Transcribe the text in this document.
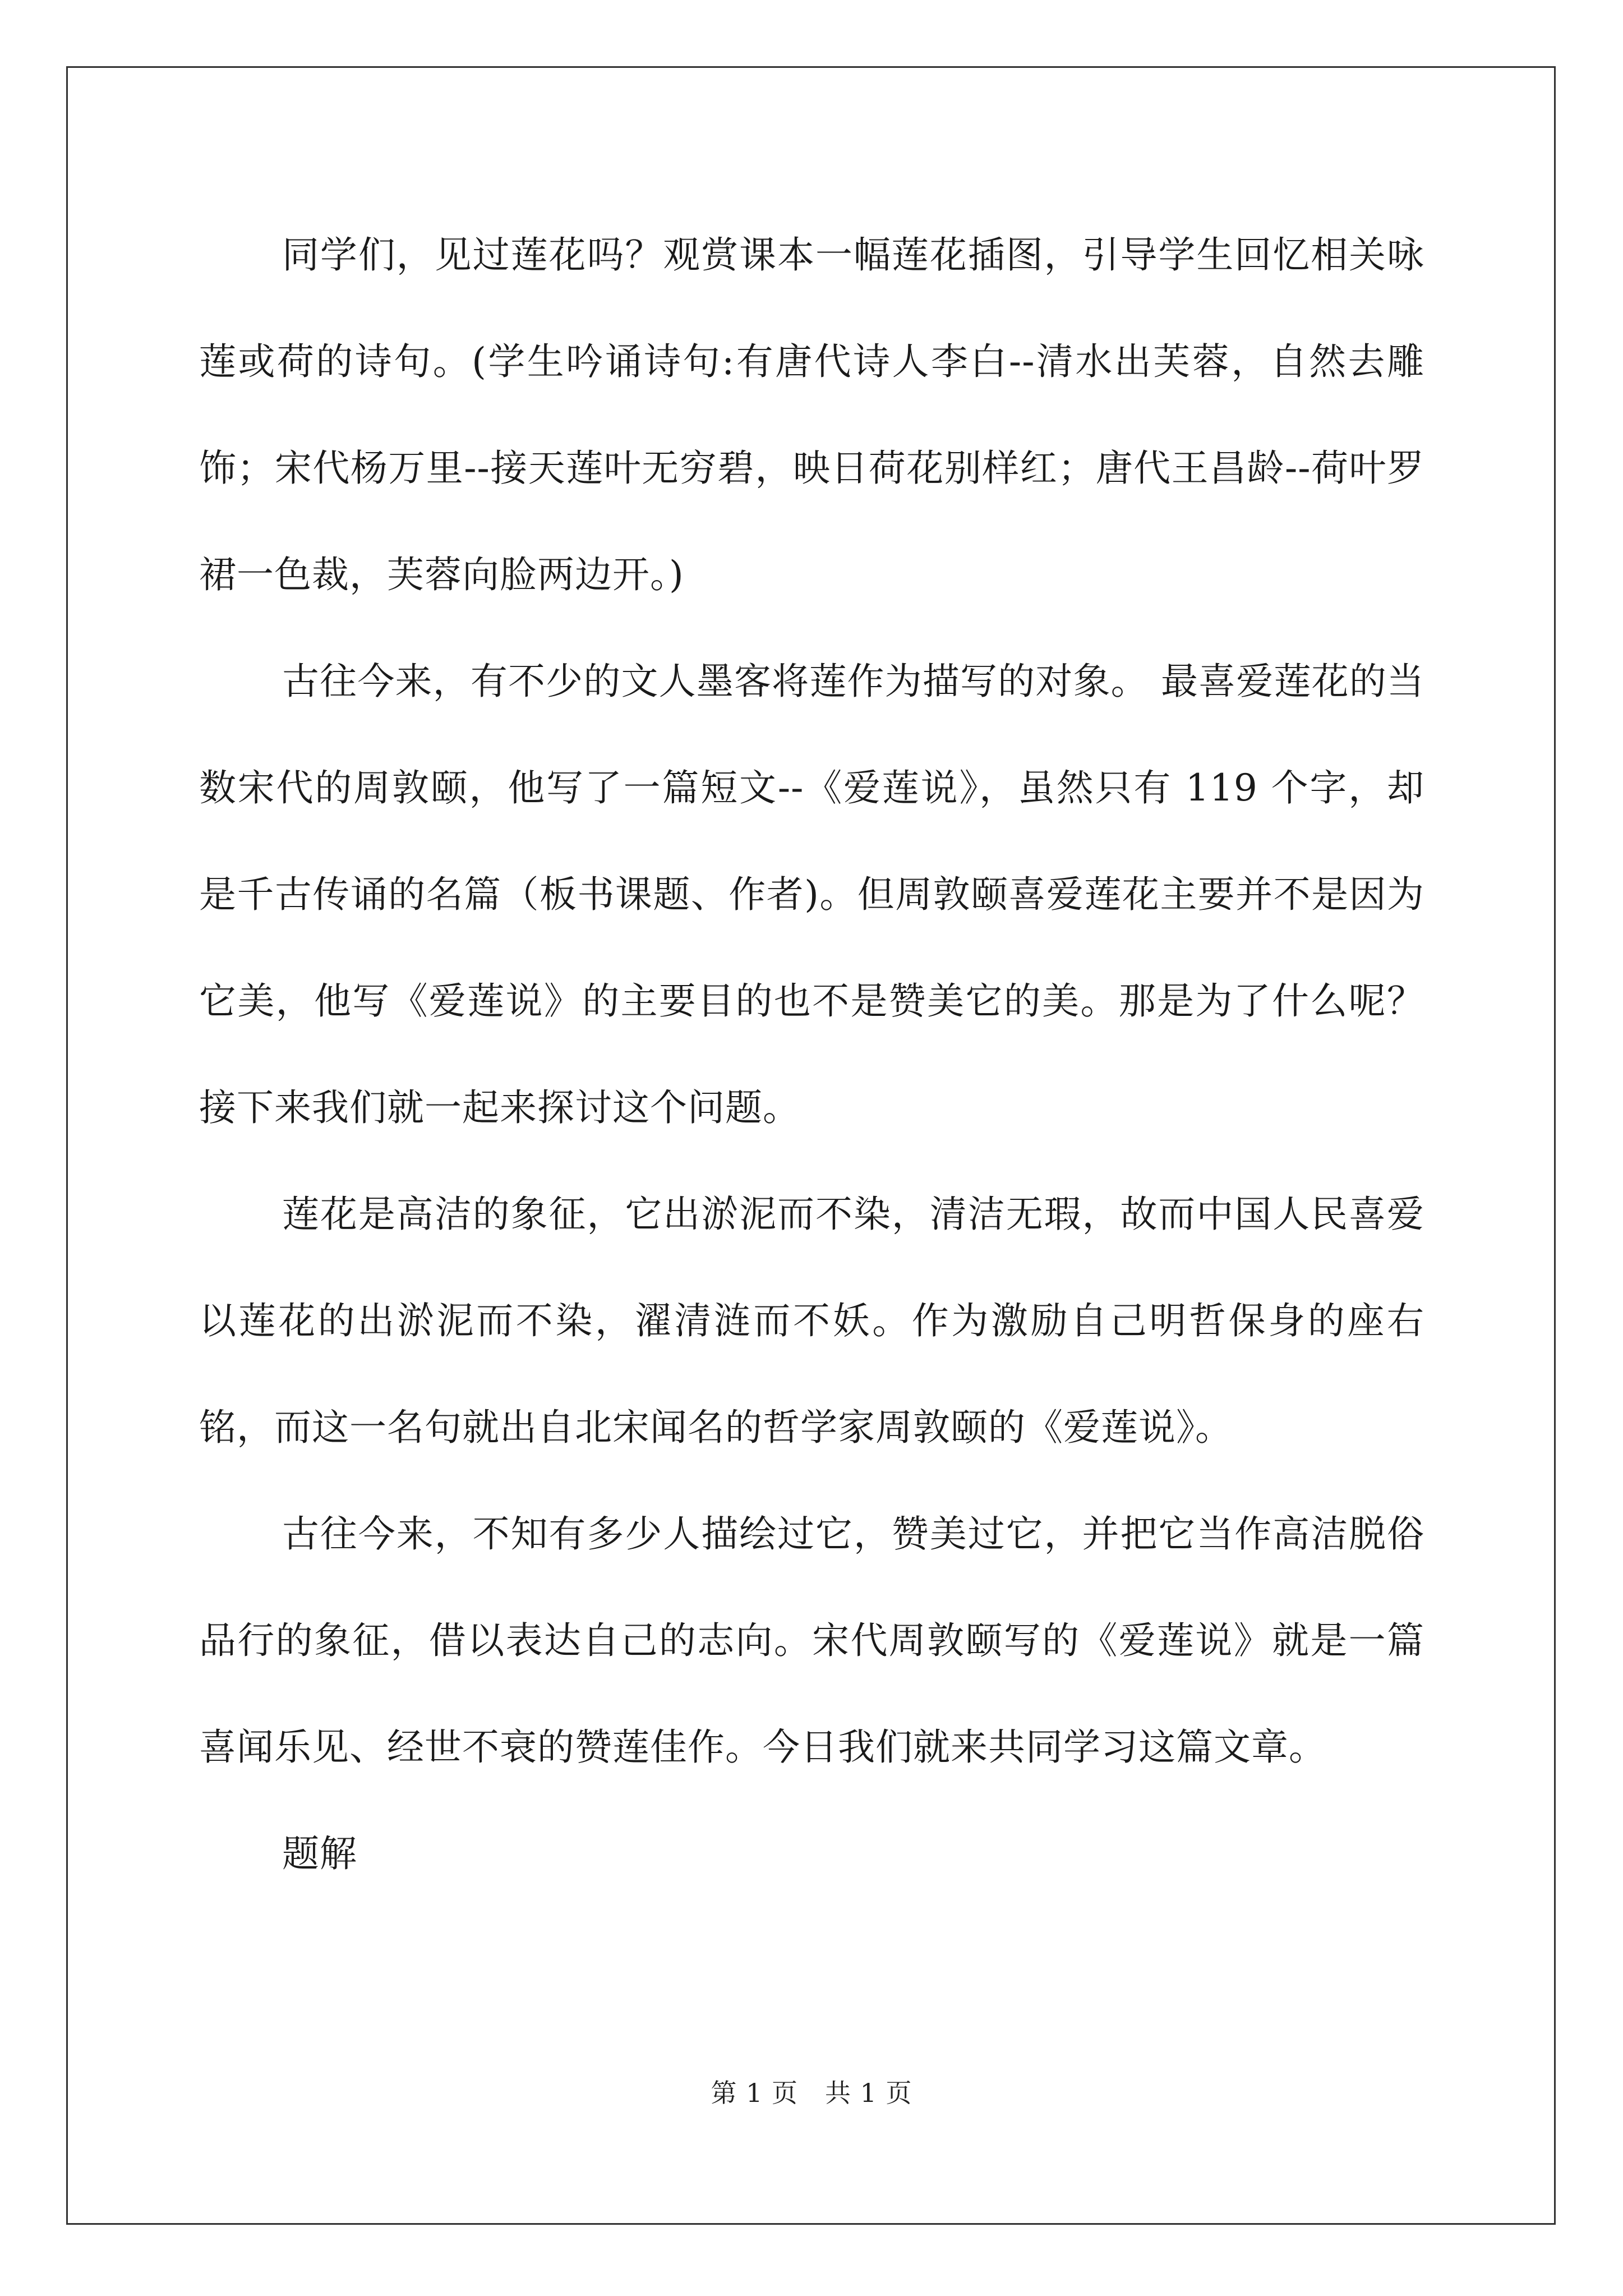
同学们，见过莲花吗？观赏课本一幅莲花插图，引导学生回忆相关咏莲或荷的诗句。(学生吟诵诗句:有唐代诗人李白--清水出芙蓉，自然去雕饰；宋代杨万里--接天莲叶无穷碧，映日荷花别样红；唐代王昌龄--荷叶罗裙一色裁，芙蓉向脸两边开。)

古往今来，有不少的文人墨客将莲作为描写的对象。 最喜爱莲花的当数宋代的周敦颐，他写了一篇短文--《爱莲说》，虽然只有 119 个字，却是千古传诵的名篇（板书课题、作者)。但周敦颐喜爱莲花主要并不是因为它美，他写《爱莲说》的主要目的也不是赞美它的美。那是为了什么呢？接下来我们就一起来探讨这个问题。

莲花是高洁的象征，它出淤泥而不染，清洁无瑕，故而中国人民喜爱以莲花的出淤泥而不染，濯清涟而不妖。作为激励自己明哲保身的座右铭，而这一名句就出自北宋闻名的哲学家周敦颐的《爱莲说》。

古往今来，不知有多少人描绘过它，赞美过它，并把它当作高洁脱俗品行的象征，借以表达自己的志向。宋代周敦颐写的《爱莲说》就是一篇喜闻乐见、经世不衰的赞莲佳作。今日我们就来共同学习这篇文章。

题解

第 1 页 共 1 页
